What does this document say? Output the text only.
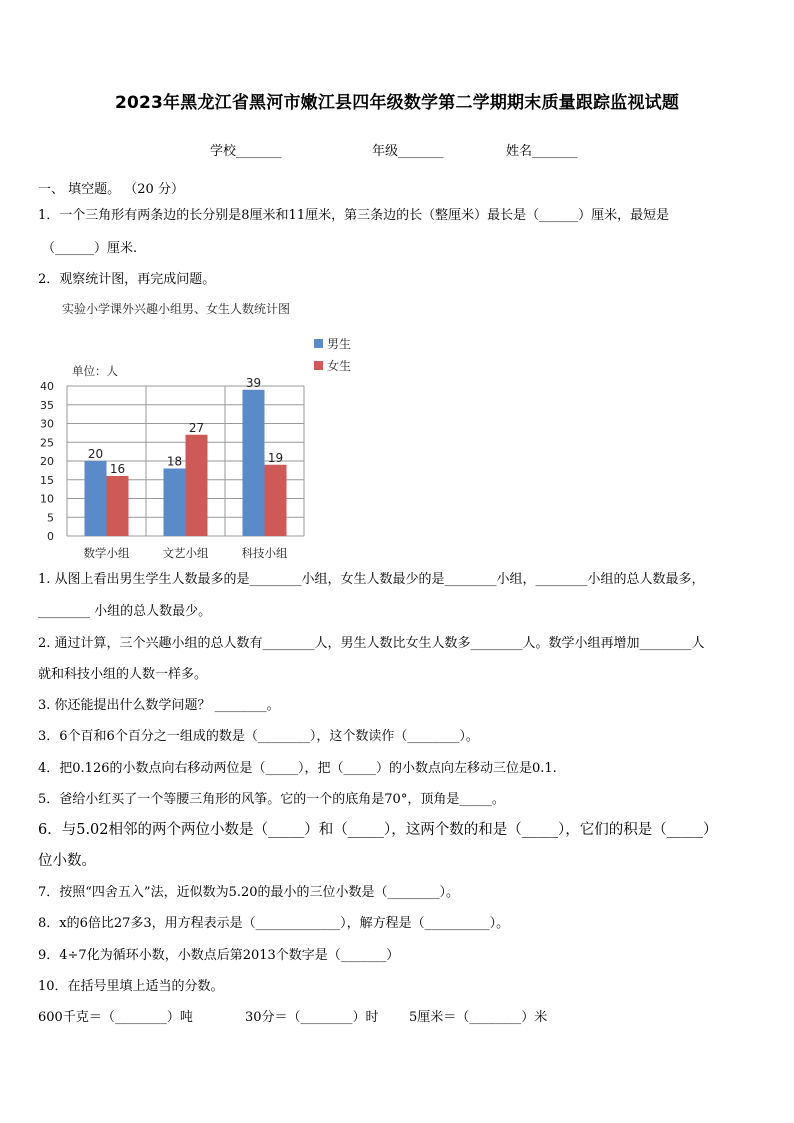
2023年黑龙江省黑河市嫩江县四年级数学第二学期期末质量跟踪监视试题
学校_______	年级_______	姓名_______
一、 填空题。 （20 分）
1．一个三角形有两条边的长分别是8厘米和11厘米，第三条边的长（整厘米）最长是（______）厘米，最短是
（______）厘米.
2．观察统计图，再完成问题。
实验小学课外兴趣小组男、女生人数统计图
0
5
10
15
20
25
30
35
40
20
16
数学小组
18
27
文艺小组
39
19
科技小组
单位：人
男生
女生
1. 从图上看出男生学生人数最多的是________小组，女生人数最少的是________小组，________小组的总人数最多，
________ 小组的总人数最少。
2. 通过计算，三个兴趣小组的总人数有________人，男生人数比女生人数多________人。数学小组再增加________人
就和科技小组的人数一样多。
3. 你还能提出什么数学问题？ ________。
3．6个百和6个百分之一组成的数是（________），这个数读作（________）。
4．把0.126的小数点向右移动两位是（_____），把（_____）的小数点向左移动三位是0.1.
5．爸给小红买了一个等腰三角形的风筝。它的一个的底角是70°，顶角是_____。
6．与5.02相邻的两个两位小数是（_____）和（_____），这两个数的和是（_____），它们的积是（_____）
位小数。
7．按照“四舍五入”法，近似数为5.20的最小的三位小数是（________）。
8．x的6倍比27多3，用方程表示是（_____________），解方程是（__________）。
9．4÷7化为循环小数，小数点后第2013个数字是（_______）
10．在括号里填上适当的分数。
600千克＝（________）吨	30分＝（________）时 5厘米＝（________）米
